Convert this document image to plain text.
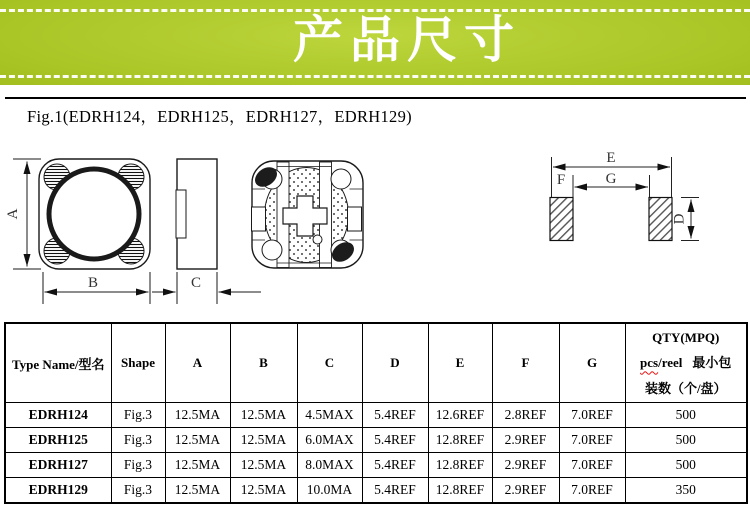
产品尺寸
Fig.1(EDRH124，EDRH125，EDRH127，EDRH129)
A
B	C
E
G
F
D
Type Name/型名	Shape	A	B	C	D	E	F	G	QTY(MPQ)
pcs/reel 最小包
装数（个/盘）

EDRH124	Fig.3	12.5MA	12.5MA	4.5MAX	5.4REF	12.6REF	2.8REF	7.0REF	500
EDRH125	Fig.3	12.5MA	12.5MA	6.0MAX	5.4REF	12.8REF	2.9REF	7.0REF	500
EDRH127	Fig.3	12.5MA	12.5MA	8.0MAX	5.4REF	12.8REF	2.9REF	7.0REF	500
EDRH129	Fig.3	12.5MA	12.5MA	10.0MA	5.4REF	12.8REF	2.9REF	7.0REF	350
